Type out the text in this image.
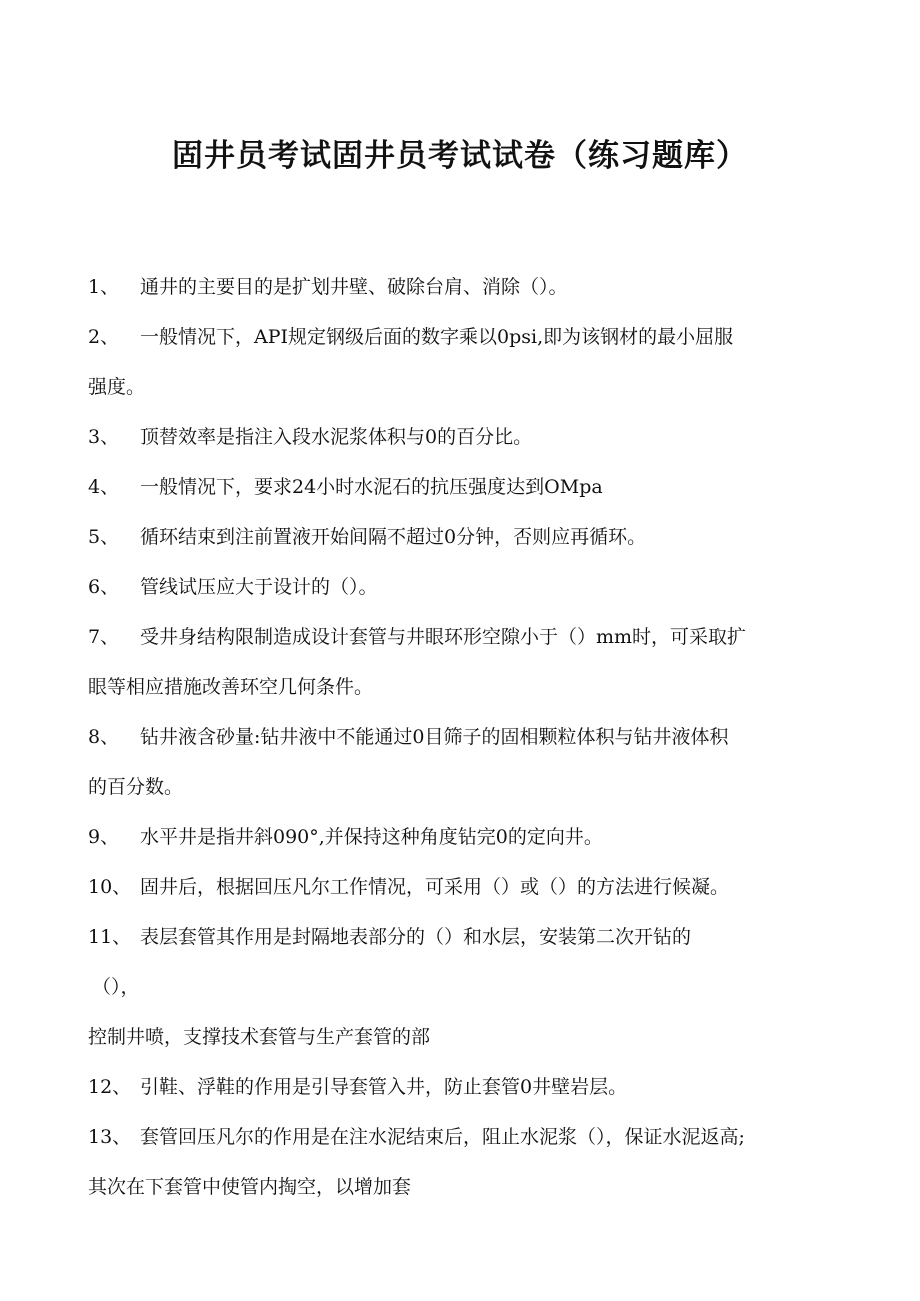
固井员考试固井员考试试卷（练习题库）
1、	通井的主要目的是扩划井壁、破除台肩、消除（）。
2、	一般情况下，API规定钢级后面的数字乘以0psi,即为该钢材的最小屈服
强度。
3、	顶替效率是指注入段水泥浆体积与0的百分比。
4、	一般情况下，要求24小时水泥石的抗压强度达到OMpa
5、	循环结束到注前置液开始间隔不超过0分钟，否则应再循环。
6、	管线试压应大于设计的（）。
7、	受井身结构限制造成设计套管与井眼环形空隙小于（）mm时，可采取扩
眼等相应措施改善环空几何条件。
8、	钻井液含砂量:钻井液中不能通过0目筛子的固相颗粒体积与钻井液体积
的百分数。
9、	水平井是指井斜090°,并保持这种角度钻完0的定向井。
10、 固井后，根据回压凡尔工作情况，可采用（）或（）的方法进行候凝。
11、 表层套管其作用是封隔地表部分的（）和水层，安装第二次开钻的
（），
控制井喷，支撑技术套管与生产套管的部
12、 引鞋、浮鞋的作用是引导套管入井，防止套管0井壁岩层。
13、 套管回压凡尔的作用是在注水泥结束后，阻止水泥浆（），保证水泥返高;
其次在下套管中使管内掏空，以增加套
